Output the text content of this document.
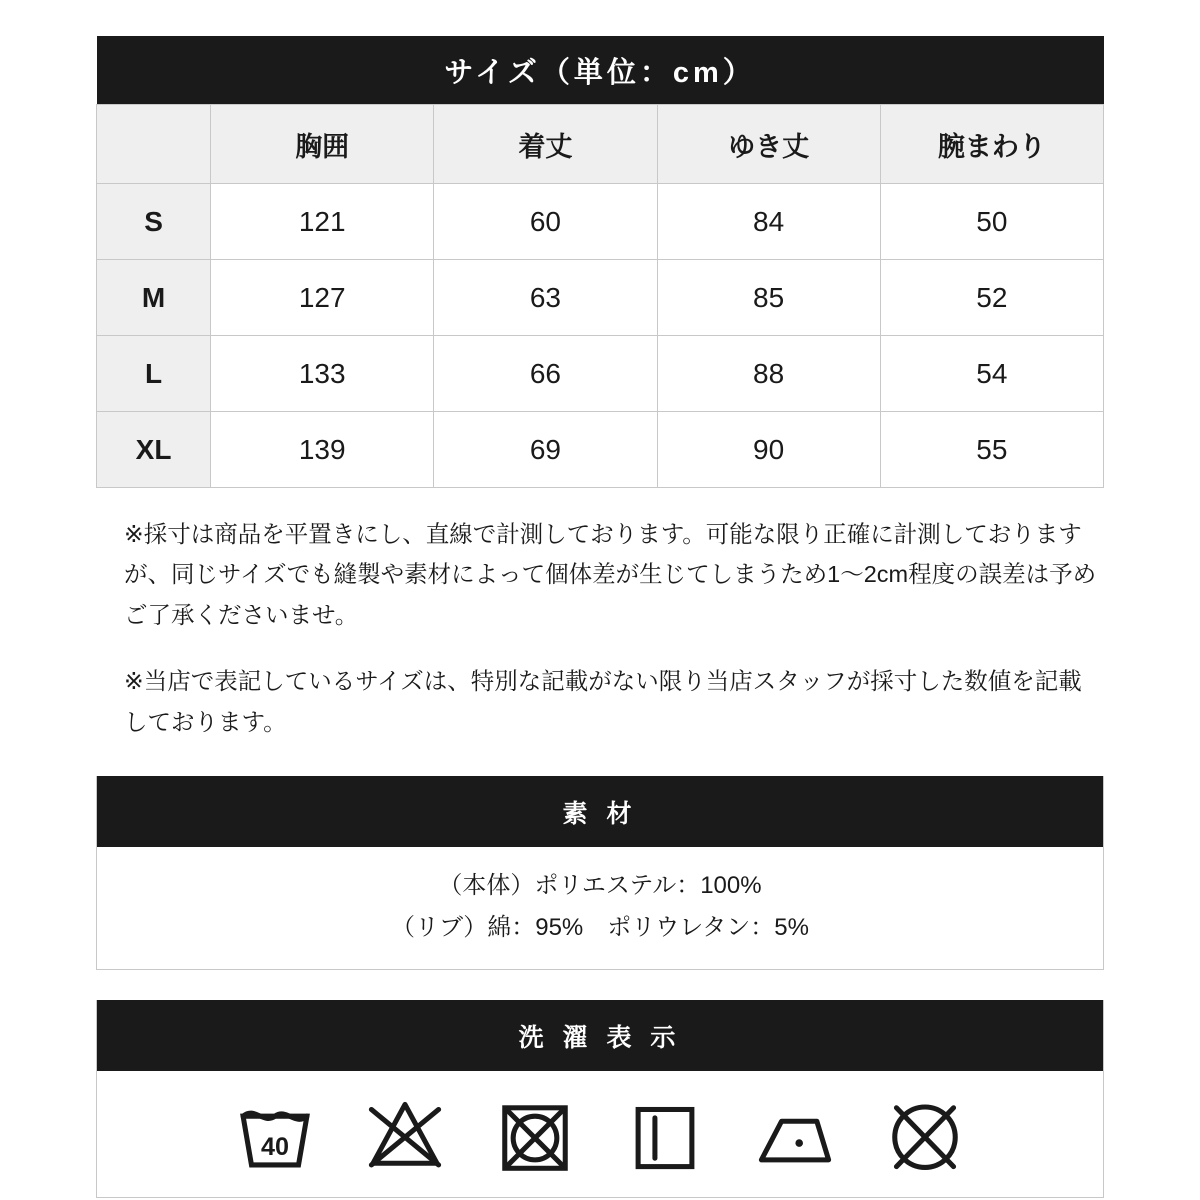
サイズ（単位：cm）				
	胸囲	着丈	ゆき丈	腕まわり
S	121	60	84	50
M	127	63	85	52
L	133	66	88	54
XL	139	69	90	55

※採寸は商品を平置きにし、直線で計測しております。可能な限り正確に計測しておりますが、同じサイズでも縫製や素材によって個体差が生じてしまうため1〜2cm程度の誤差は予めご了承くださいませ。

※当店で表記しているサイズは、特別な記載がない限り当店スタッフが採寸した数値を記載しております。

素 材
（本体）ポリエステル：100%
（リブ）綿：95%　ポリウレタン：5%
洗 濯 表 示
40
